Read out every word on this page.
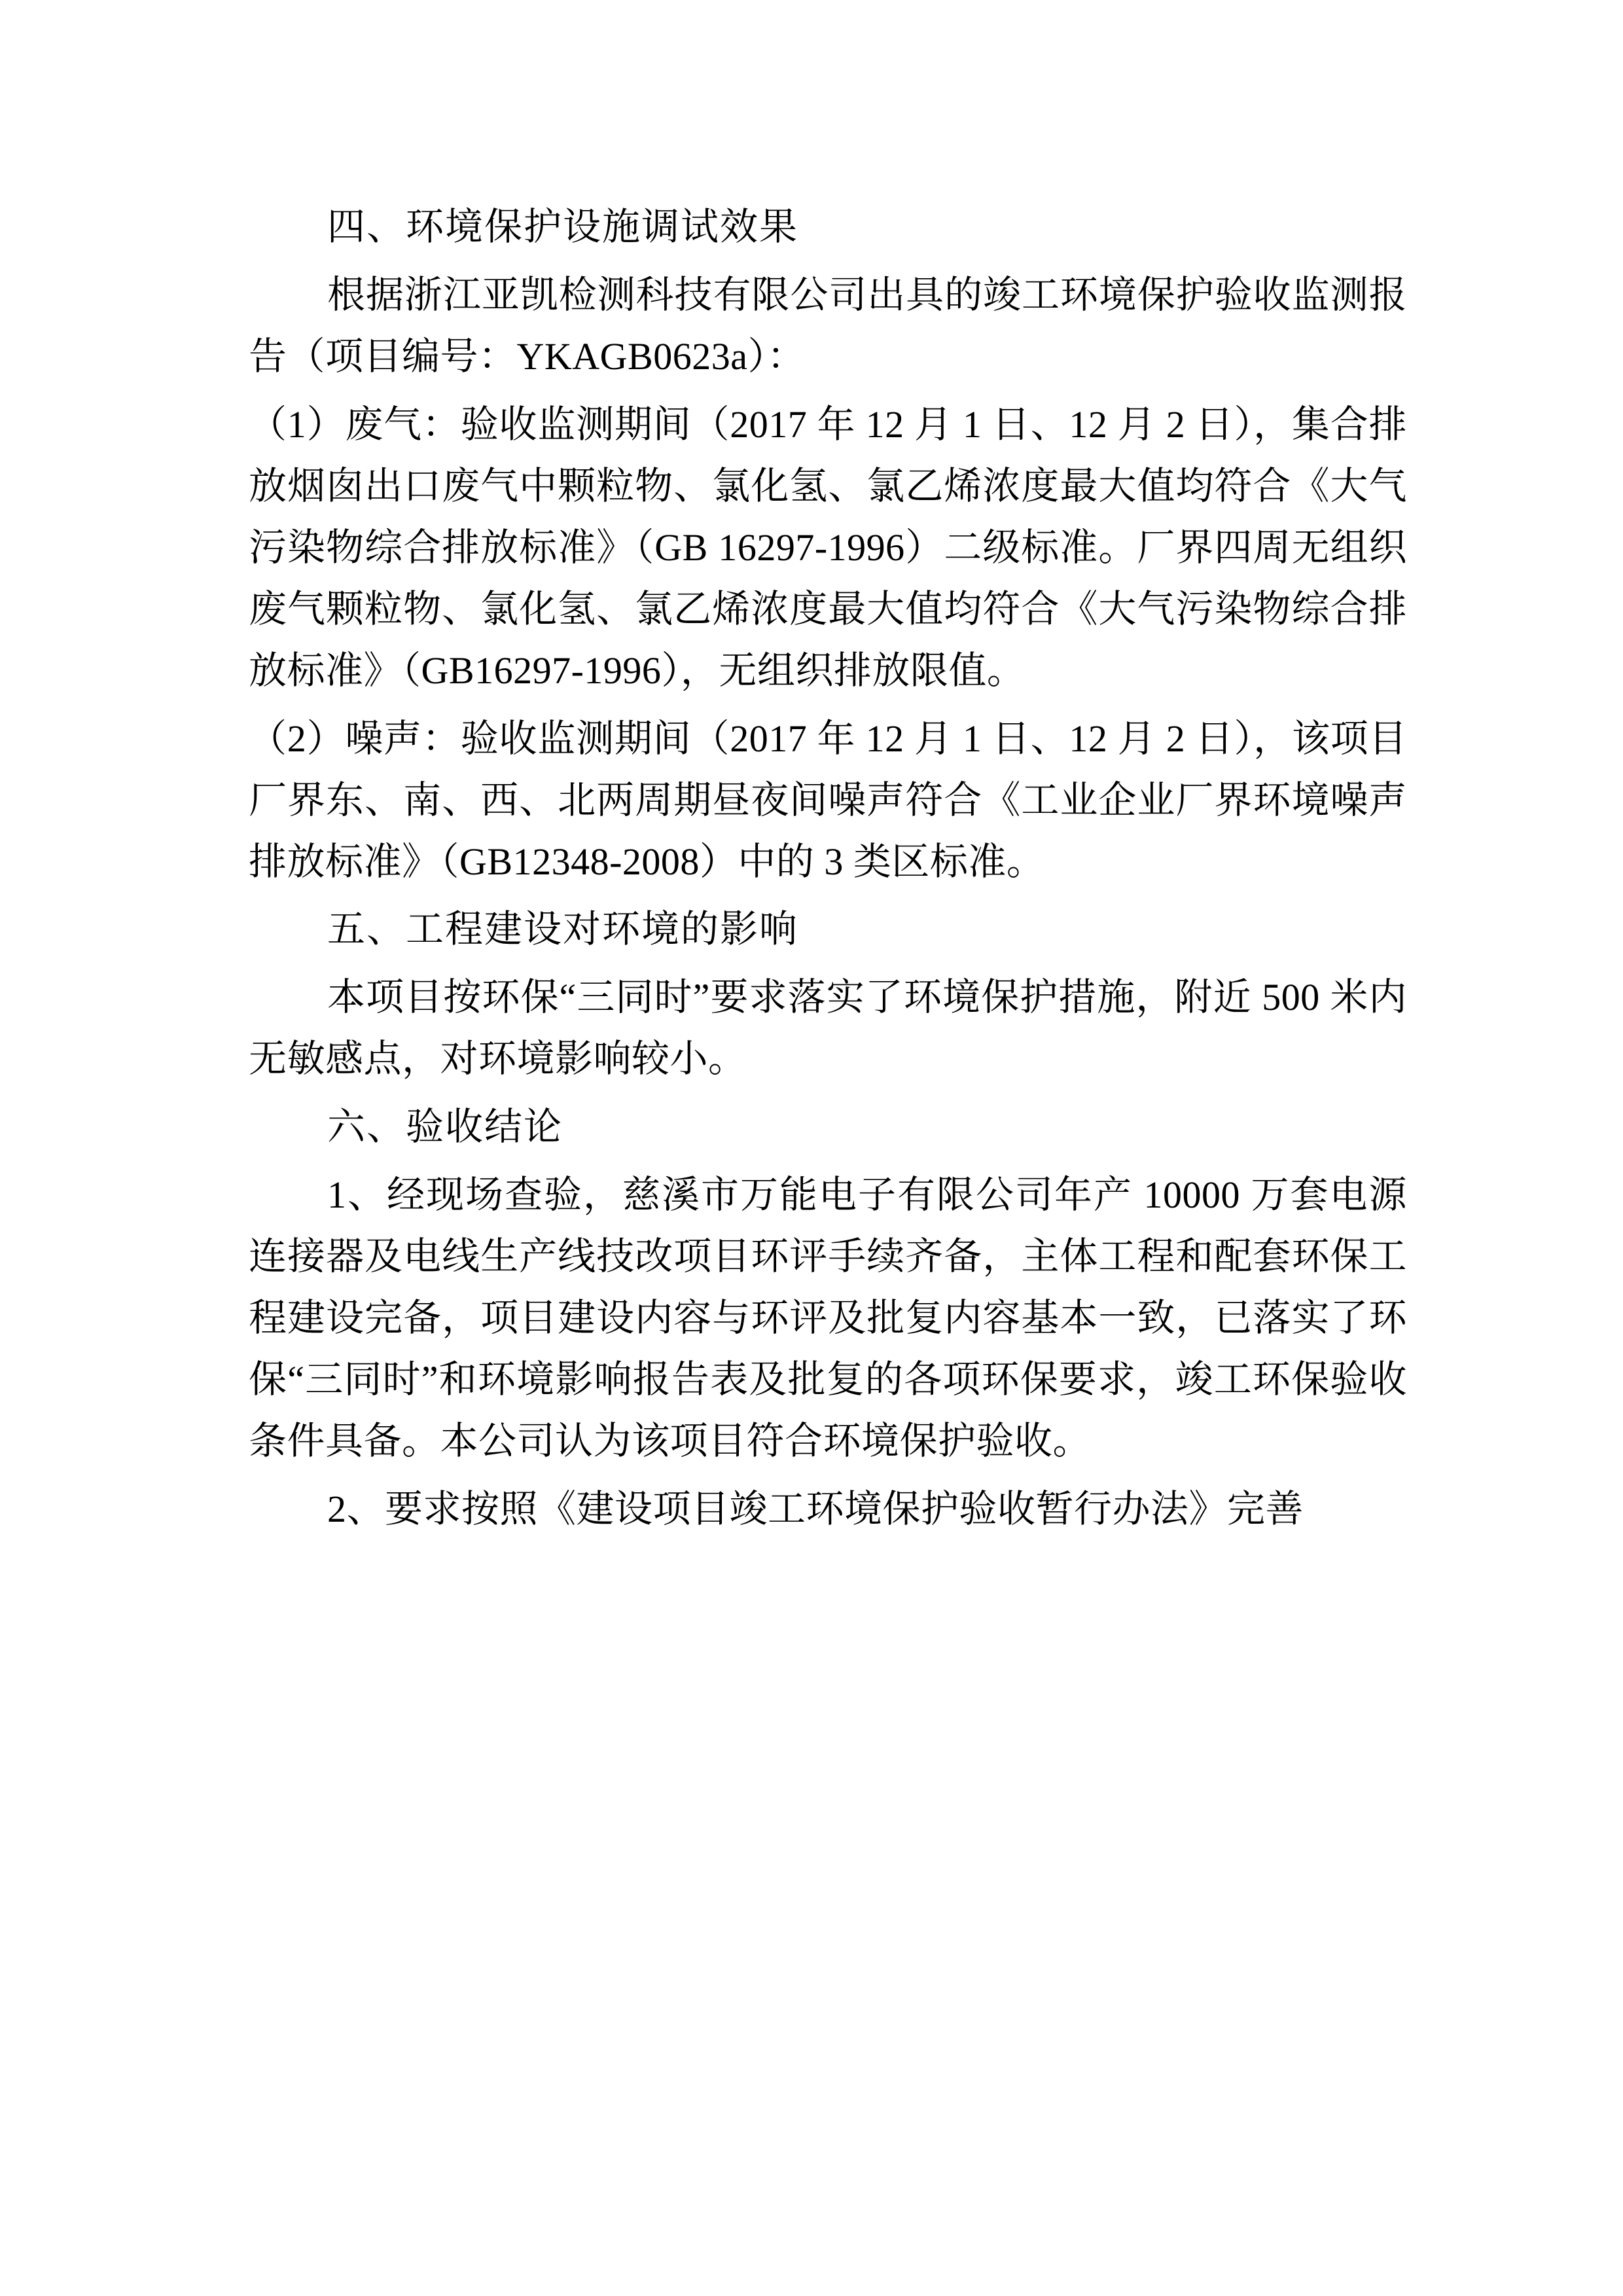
四、环境保护设施调试效果
根据浙江亚凯检测科技有限公司出具的竣工环境保护验收监测报告（项目编号：YKAGB0623a）：
（1）废气：验收监测期间（2017 年 12 月 1 日、12 月 2 日），集合排放烟囱出口废气中颗粒物、氯化氢、氯乙烯浓度最大值均符合《大气污染物综合排放标准》（GB 16297-1996）二级标准。厂界四周无组织废气颗粒物、氯化氢、氯乙烯浓度最大值均符合《大气污染物综合排放标准》（GB16297-1996），无组织排放限值。
（2）噪声：验收监测期间（2017 年 12 月 1 日、12 月 2 日），该项目厂界东、南、西、北两周期昼夜间噪声符合《工业企业厂界环境噪声排放标准》（GB12348-2008）中的 3 类区标准。
五、工程建设对环境的影响
本项目按环保“三同时”要求落实了环境保护措施，附近 500 米内无敏感点，对环境影响较小。
六、验收结论
1、经现场查验，慈溪市万能电子有限公司年产 10000 万套电源连接器及电线生产线技改项目环评手续齐备，主体工程和配套环保工程建设完备，项目建设内容与环评及批复内容基本一致，已落实了环保“三同时”和环境影响报告表及批复的各项环保要求，竣工环保验收条件具备。本公司认为该项目符合环境保护验收。
2、要求按照《建设项目竣工环境保护验收暂行办法》完善
